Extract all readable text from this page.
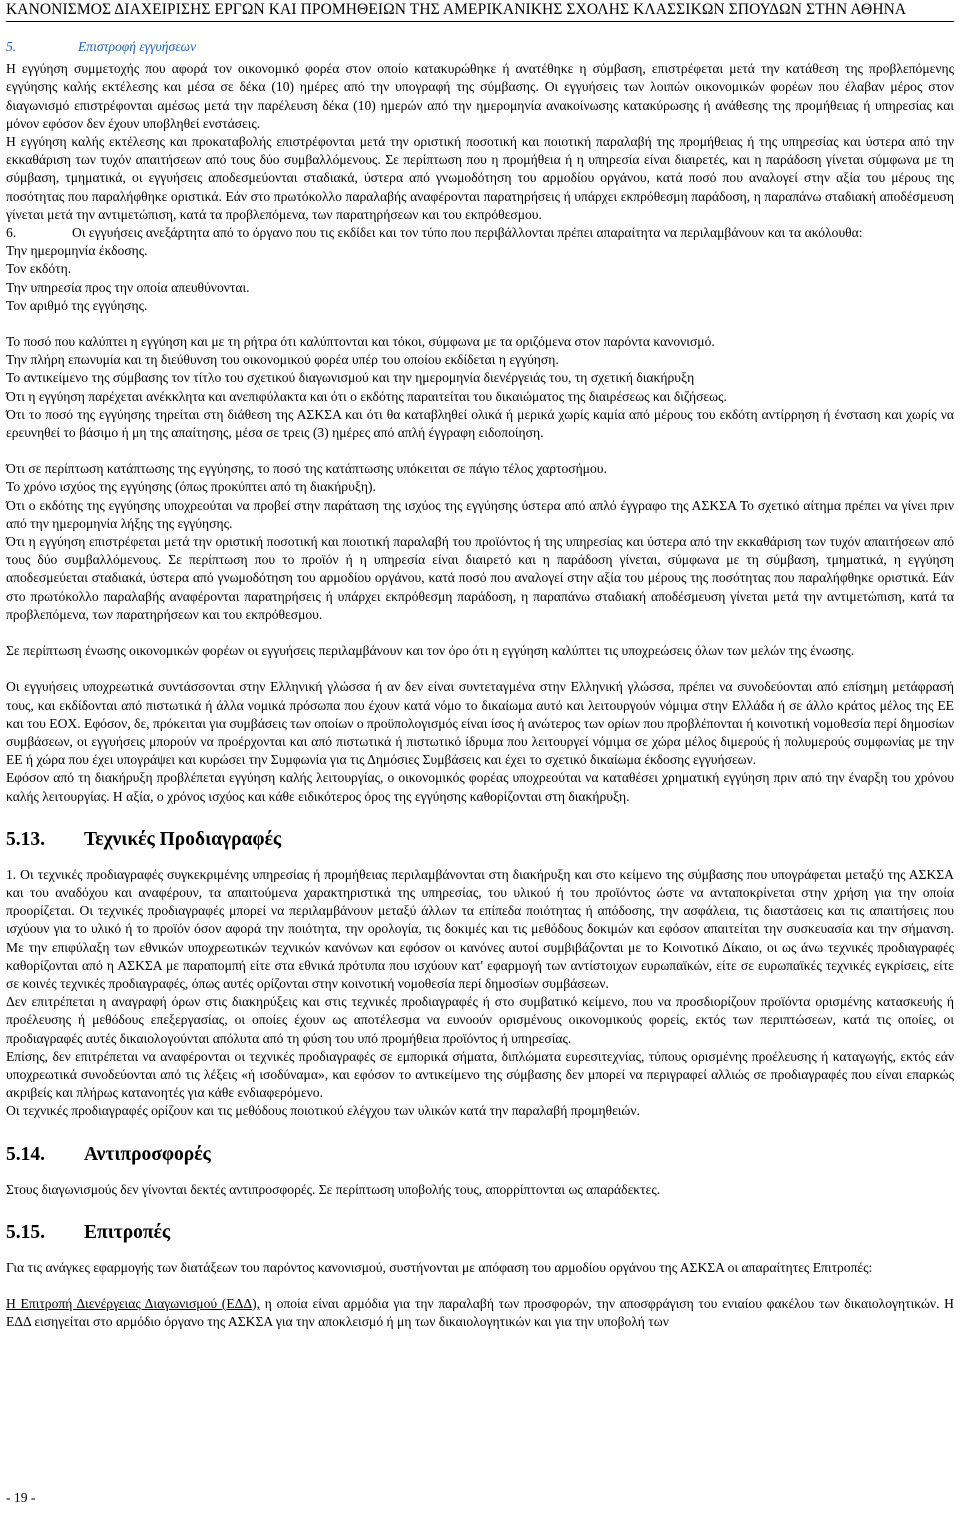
ΚΑΝΟΝΙΣΜΟΣ ΔΙΑΧΕΙΡΙΣΗΣ ΕΡΓΩΝ ΚΑΙ ΠΡΟΜΗΘΕΙΩΝ ΤΗΣ ΑΜΕΡΙΚΑΝΙΚΗΣ ΣΧΟΛΗΣ ΚΛΑΣΣΙΚΩΝ ΣΠΟΥΔΩΝ ΣΤΗΝ ΑΘΗΝΑ
5.	Επιστροφή εγγυήσεων

Η εγγύηση συμμετοχής που αφορά τον οικονομικό φορέα στον οποίο κατακυρώθηκε ή ανατέθηκε η σύμβαση, επιστρέφεται μετά την κατάθεση της προβλεπόμενης εγγύησης καλής εκτέλεσης και μέσα σε δέκα (10) ημέρες από την υπογραφή της σύμβασης. Οι εγγυήσεις των λοιπών οικονομικών φορέων που έλαβαν μέρος στον διαγωνισμό επιστρέφονται αμέσως μετά την παρέλευση δέκα (10) ημερών από την ημερομηνία ανακοίνωσης κατακύρωσης ή ανάθεσης της προμήθειας ή υπηρεσίας και μόνον εφόσον δεν έχουν υποβληθεί ενστάσεις.

Η εγγύηση καλής εκτέλεσης και προκαταβολής επιστρέφονται μετά την οριστική ποσοτική και ποιοτική παραλαβή της προμήθειας ή της υπηρεσίας και ύστερα από την εκκαθάριση των τυχόν απαιτήσεων από τους δύο συμβαλλόμενους. Σε περίπτωση που η προμήθεια ή η υπηρεσία είναι διαιρετές, και η παράδοση γίνεται σύμφωνα με τη σύμβαση, τμηματικά, οι εγγυήσεις αποδεσμεύονται σταδιακά, ύστερα από γνωμοδότηση του αρμοδίου οργάνου, κατά ποσό που αναλογεί στην αξία του μέρους της ποσότητας που παραλήφθηκε οριστικά. Εάν στο πρωτόκολλο παραλαβής αναφέρονται παρατηρήσεις ή υπάρχει εκπρόθεσμη παράδοση, η παραπάνω σταδιακή αποδέσμευση γίνεται μετά την αντιμετώπιση, κατά τα προβλεπόμενα, των παρατηρήσεων και του εκπρόθεσμου.

6.	Οι εγγυήσεις ανεξάρτητα από το όργανο που τις εκδίδει και τον τύπο που περιβάλλονται πρέπει απαραίτητα να περιλαμβάνουν και τα ακόλουθα:

Την ημερομηνία έκδοσης.

Τον εκδότη.

Την υπηρεσία προς την οποία απευθύνονται.

Τον αριθμό της εγγύησης.

Το ποσό που καλύπτει η εγγύηση και με τη ρήτρα ότι καλύπτονται και τόκοι, σύμφωνα με τα οριζόμενα στον παρόντα κανονισμό.

Την πλήρη επωνυμία και τη διεύθυνση του οικονομικού φορέα υπέρ του οποίου εκδίδεται η εγγύηση.

Το αντικείμενο της σύμβασης τον τίτλο του σχετικού διαγωνισμού και την ημερομηνία διενέργειάς του, τη σχετική διακήρυξη

Ότι η εγγύηση παρέχεται ανέκκλητα και ανεπιφύλακτα και ότι ο εκδότης παραιτείται του δικαιώματος της διαιρέσεως και διζήσεως.

Ότι το ποσό της εγγύησης τηρείται στη διάθεση της ΑΣΚΣΑ και ότι θα καταβληθεί ολικά ή μερικά χωρίς καμία από μέρους του εκδότη αντίρρηση ή ένσταση και χωρίς να ερευνηθεί το βάσιμο ή μη της απαίτησης, μέσα σε τρεις (3) ημέρες από απλή έγγραφη ειδοποίηση.

Ότι σε περίπτωση κατάπτωσης της εγγύησης, το ποσό της κατάπτωσης υπόκειται σε πάγιο τέλος χαρτοσήμου.

Το χρόνο ισχύος της εγγύησης (όπως προκύπτει από τη διακήρυξη).

Ότι ο εκδότης της εγγύησης υποχρεούται να προβεί στην παράταση της ισχύος της εγγύησης ύστερα από απλό έγγραφο της ΑΣΚΣΑ Το σχετικό αίτημα πρέπει να γίνει πριν από την ημερομηνία λήξης της εγγύησης.

Ότι η εγγύηση επιστρέφεται μετά την οριστική ποσοτική και ποιοτική παραλαβή του προϊόντος ή της υπηρεσίας και ύστερα από την εκκαθάριση των τυχόν απαιτήσεων από τους δύο συμβαλλόμενους. Σε περίπτωση που το προϊόν ή η υπηρεσία είναι διαιρετό και η παράδοση γίνεται, σύμφωνα με τη σύμβαση, τμηματικά, η εγγύηση αποδεσμεύεται σταδιακά, ύστερα από γνωμοδότηση του αρμοδίου οργάνου, κατά ποσό που αναλογεί στην αξία του μέρους της ποσότητας που παραλήφθηκε οριστικά. Εάν στο πρωτόκολλο παραλαβής αναφέρονται παρατηρήσεις ή υπάρχει εκπρόθεσμη παράδοση, η παραπάνω σταδιακή αποδέσμευση γίνεται μετά την αντιμετώπιση, κατά τα προβλεπόμενα, των παρατηρήσεων και του εκπρόθεσμου.

Σε περίπτωση ένωσης οικονομικών φορέων οι εγγυήσεις περιλαμβάνουν και τον όρο ότι η εγγύηση καλύπτει τις υποχρεώσεις όλων των μελών της ένωσης.

Οι εγγυήσεις υποχρεωτικά συντάσσονται στην Ελληνική γλώσσα ή αν δεν είναι συντεταγμένα στην Ελληνική γλώσσα, πρέπει να συνοδεύονται από επίσημη μετάφρασή τους, και εκδίδονται από πιστωτικά ή άλλα νομικά πρόσωπα που έχουν κατά νόμο το δικαίωμα αυτό και λειτουργούν νόμιμα στην Ελλάδα ή σε άλλο κράτος μέλος της ΕΕ και του ΕΟΧ. Εφόσον, δε, πρόκειται για συμβάσεις των οποίων ο προϋπολογισμός είναι ίσος ή ανώτερος των ορίων που προβλέπονται ή κοινοτική νομοθεσία περί δημοσίων συμβάσεων, οι εγγυήσεις μπορούν να προέρχονται και από πιστωτικά ή πιστωτικό ίδρυμα που λειτουργεί νόμιμα σε χώρα μέλος διμερούς ή πολυμερούς συμφωνίας με την ΕΕ ή χώρα που έχει υπογράψει και κυρώσει την Συμφωνία για τις Δημόσιες Συμβάσεις και έχει το σχετικό δικαίωμα έκδοσης εγγυήσεων.

Εφόσον από τη διακήρυξη προβλέπεται εγγύηση καλής λειτουργίας, ο οικονομικός φορέας υποχρεούται να καταθέσει χρηματική εγγύηση πριν από την έναρξη του χρόνου καλής λειτουργίας. Η αξία, ο χρόνος ισχύος και κάθε ειδικότερος όρος της εγγύησης καθορίζονται στη διακήρυξη.

5.13. Τεχνικές Προδιαγραφές

1. Οι τεχνικές προδιαγραφές συγκεκριμένης υπηρεσίας ή προμήθειας περιλαμβάνονται στη διακήρυξη και στο κείμενο της σύμβασης που υπογράφεται μεταξύ της ΑΣΚΣΑ και του αναδόχου και αναφέρουν, τα απαιτούμενα χαρακτηριστικά της υπηρεσίας, του υλικού ή του προϊόντος ώστε να ανταποκρίνεται στην χρήση για την οποία προορίζεται. Οι τεχνικές προδιαγραφές μπορεί να περιλαμβάνουν μεταξύ άλλων τα επίπεδα ποιότητας ή απόδοσης, την ασφάλεια, τις διαστάσεις και τις απαιτήσεις που ισχύουν για το υλικό ή το προϊόν όσον αφορά την ποιότητα, την ορολογία, τις δοκιμές και τις μεθόδους δοκιμών και εφόσον απαιτείται την συσκευασία και την σήμανση. Με την επιφύλαξη των εθνικών υποχρεωτικών τεχνικών κανόνων και εφόσον οι κανόνες αυτοί συμβιβάζονται με το Κοινοτικό Δίκαιο, οι ως άνω τεχνικές προδιαγραφές καθορίζονται από η ΑΣΚΣΑ με παραπομπή είτε στα εθνικά πρότυπα που ισχύουν κατ' εφαρμογή των αντίστοιχων ευρωπαϊκών, είτε σε ευρωπαϊκές τεχνικές εγκρίσεις, είτε σε κοινές τεχνικές προδιαγραφές, όπως αυτές ορίζονται στην κοινοτική νομοθεσία περί δημοσίων συμβάσεων.

Δεν επιτρέπεται η αναγραφή όρων στις διακηρύξεις και στις τεχνικές προδιαγραφές ή στο συμβατικό κείμενο, που να προσδιορίζουν προϊόντα ορισμένης κατασκευής ή προέλευσης ή μεθόδους επεξεργασίας, οι οποίες έχουν ως αποτέλεσμα να ευνοούν ορισμένους οικονομικούς φορείς, εκτός των περιπτώσεων, κατά τις οποίες, οι προδιαγραφές αυτές δικαιολογούνται απόλυτα από τη φύση του υπό προμήθεια προϊόντος ή υπηρεσίας.

Επίσης, δεν επιτρέπεται να αναφέρονται οι τεχνικές προδιαγραφές σε εμπορικά σήματα, διπλώματα ευρεσιτεχνίας, τύπους ορισμένης προέλευσης ή καταγωγής, εκτός εάν υποχρεωτικά συνοδεύονται από τις λέξεις «ή ισοδύναμα», και εφόσον το αντικείμενο της σύμβασης δεν μπορεί να περιγραφεί αλλιώς σε προδιαγραφές που είναι επαρκώς ακριβείς και πλήρως κατανοητές για κάθε ενδιαφερόμενο.

Οι τεχνικές προδιαγραφές ορίζουν και τις μεθόδους ποιοτικού ελέγχου των υλικών κατά την παραλαβή προμηθειών.

5.14. Αντιπροσφορές

Στους διαγωνισμούς δεν γίνονται δεκτές αντιπροσφορές. Σε περίπτωση υποβολής τους, απορρίπτονται ως απαράδεκτες.

5.15. Επιτροπές

Για τις ανάγκες εφαρμογής των διατάξεων του παρόντος κανονισμού, συστήνονται με απόφαση του αρμοδίου οργάνου της ΑΣΚΣΑ οι απαραίτητες Επιτροπές:

Η Επιτροπή Διενέργειας Διαγωνισμού (ΕΔΔ), η οποία είναι αρμόδια για την παραλαβή των προσφορών, την αποσφράγιση του ενιαίου φακέλου των δικαιολογητικών. Η ΕΔΔ εισηγείται στο αρμόδιο όργανο της ΑΣΚΣΑ για την αποκλεισμό ή μη των δικαιολογητικών και για την υποβολή των

- 19 -
